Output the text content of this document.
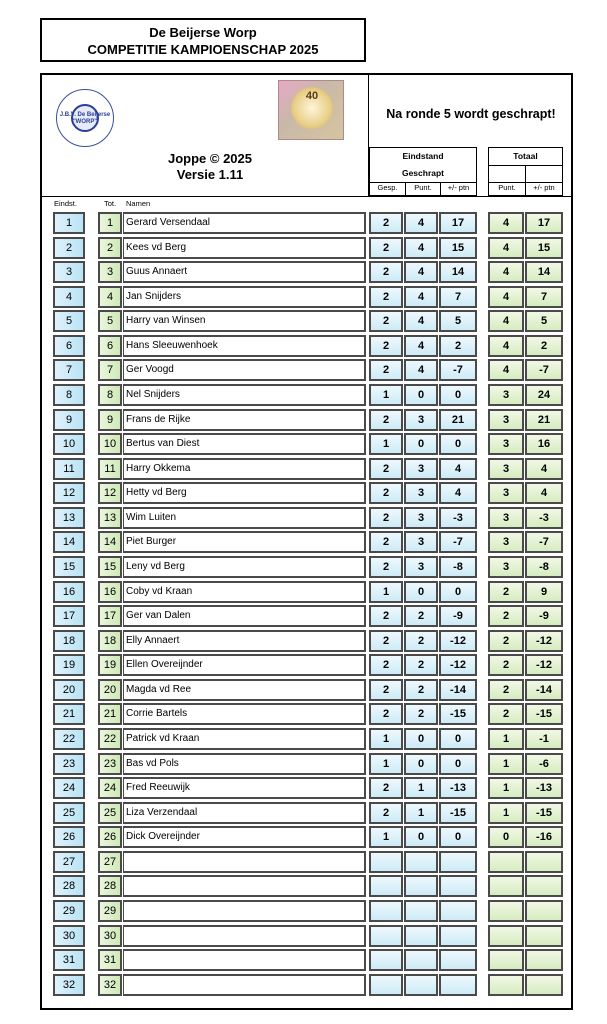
De Beijerse Worp
COMPETITIE KAMPIOENSCHAP 2025
J.B.V. De Beijerse "WORP"
40
Joppe © 2025
Versie 1.11
Na ronde 5 wordt geschrapt!
Eindstand
Geschrapt
Gesp.	Punt.	+/- ptn
Totaal
Punt.	+/- ptn
Eindst.	Tot. Namen
1	1	Gerard Versendaal	2	4	17	4	17
2	2	Kees vd Berg	2	4	15	4	15
3	3	Guus Annaert	2	4	14	4	14
4	4	Jan Snijders	2	4	7	4	7
5	5	Harry van Winsen	2	4	5	4	5
6	6	Hans Sleeuwenhoek	2	4	2	4	2
7	7	Ger Voogd	2	4	-7	4	-7
8	8	Nel Snijders	1	0	0	3	24
9	9	Frans de Rijke	2	3	21	3	21
10	10 Bertus van Diest	1	0	0	3	16
11	11	Harry Okkema	2	3	4	3	4
12	12 Hetty vd Berg	2	3	4	3	4
13	13 Wim Luiten	2	3	-3	3	-3
14	14 Piet Burger	2	3	-7	3	-7
15	15 Leny vd Berg	2	3	-8	3	-8
16	16 Coby vd Kraan	1	0	0	2	9
17	17 Ger van Dalen	2	2	-9	2	-9
18	18 Elly Annaert	2	2	-12	2	-12
19	19 Ellen Overeijnder	2	2	-12	2	-12
20	20 Magda vd Ree	2	2	-14	2	-14
21	21 Corrie Bartels	2	2	-15	2	-15
22	22 Patrick vd Kraan	1	0	0	1	-1
23	23 Bas vd Pols	1	0	0	1	-6
24	24 Fred Reeuwijk	2	1	-13	1	-13
25	25 Liza Verzendaal	2	1	-15	1	-15
26	26 Dick Overeijnder	1	0	0	0	-16
27	27
28	28
29	29
30	30
31	31
32	32
